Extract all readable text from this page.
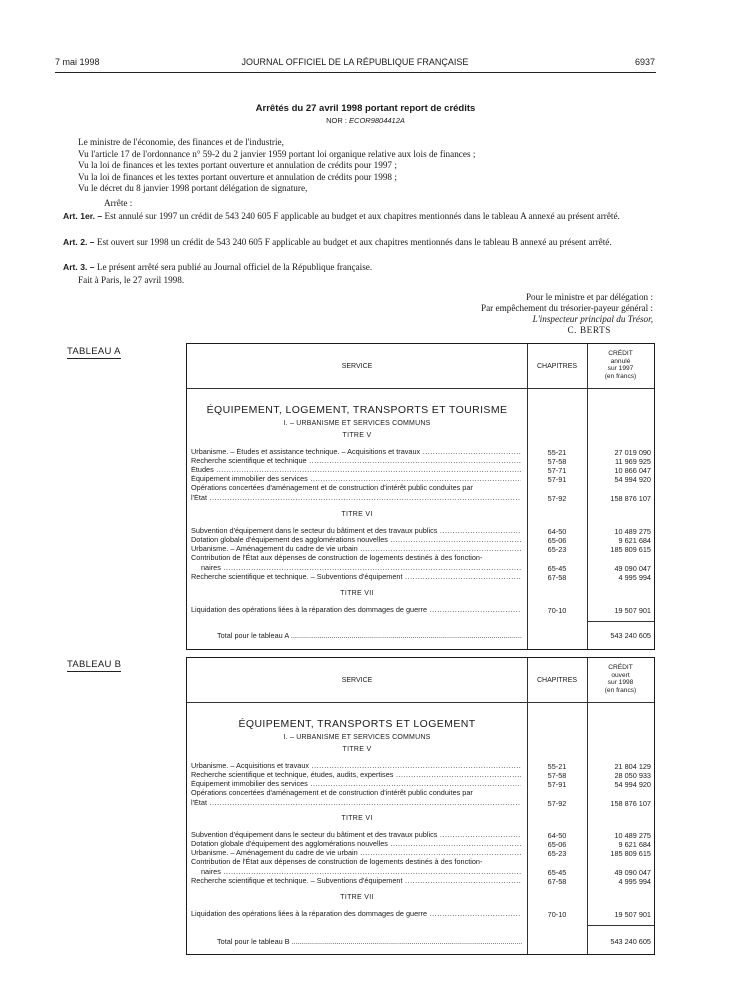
7 mai 1998	JOURNAL OFFICIEL DE LA RÉPUBLIQUE FRANÇAISE	6937
Arrêtés du 27 avril 1998 portant report de crédits
NOR : ECOR9804412A
Le ministre de l'économie, des finances et de l'industrie,
Vu l'article 17 de l'ordonnance n° 59-2 du 2 janvier 1959 portant loi organique relative aux lois de finances ;
Vu la loi de finances et les textes portant ouverture et annulation de crédits pour 1997 ;
Vu la loi de finances et les textes portant ouverture et annulation de crédits pour 1998 ;
Vu le décret du 8 janvier 1998 portant délégation de signature,
Arrête :
Art. 1er. – Est annulé sur 1997 un crédit de 543 240 605 F applicable au budget et aux chapitres mentionnés dans le tableau A annexé au présent arrêté.
Art. 2. – Est ouvert sur 1998 un crédit de 543 240 605 F applicable au budget et aux chapitres mentionnés dans le tableau B annexé au présent arrêté.
Art. 3. – Le présent arrêté sera publié au Journal officiel de la République française.
Fait à Paris, le 27 avril 1998.
Pour le ministre et par délégation :
Par empêchement du trésorier-payeur général :
L'inspecteur principal du Trésor,
C. BERTS
TABLEAU A
SERVICE	CHAPITRES
CRÉDIT
annulé
sur 1997
(en francs)
ÉQUIPEMENT, LOGEMENT, TRANSPORTS ET TOURISME
I. – URBANISME ET SERVICES COMMUNS
TITRE V
Urbanisme. – Études et assistance technique. – Acquisitions et travaux .....	55-21	27 019 090
Recherche scientifique et technique .....	57-58	11 969 925
Études .....	57-71	10 866 047
Équipement immobilier des services .....	57-91	54 994 920
Opérations concertées d'aménagement et de construction d'intérêt public conduites par
l'État .....	57-92	158 876 107
TITRE VI
Subvention d'équipement dans le secteur du bâtiment et des travaux publics .....	64-50	10 489 275
Dotation globale d'équipement des agglomérations nouvelles .....	65-06	9 621 684
Urbanisme. – Aménagement du cadre de vie urbain .....	65-23	185 809 615
Contribution de l'État aux dépenses de construction de logements destinés à des fonction-
naires .....	65-45	49 090 047
Recherche scientifique et technique. – Subventions d'équipement .....	67-58	4 995 994
TITRE VII
Liquidation des opérations liées à la réparation des dommages de guerre .....	70-10	19 507 901
Total pour le tableau A .....	543 240 605
TABLEAU B
SERVICE	CHAPITRES
CRÉDIT
ouvert
sur 1998
(en francs)
ÉQUIPEMENT, TRANSPORTS ET LOGEMENT
I. – URBANISME ET SERVICES COMMUNS
TITRE V
Urbanisme. – Acquisitions et travaux .....	55-21	21 804 129
Recherche scientifique et technique, études, audits, expertises .....	57-58	28 050 933
Équipement immobilier des services .....	57-91	54 994 920
Opérations concertées d'aménagement et de construction d'intérêt public conduites par
l'État .....	57-92	158 876 107
TITRE VI
Subvention d'équipement dans le secteur du bâtiment et des travaux publics .....	64-50	10 489 275
Dotation globale d'équipement des agglomérations nouvelles .....	65-06	9 621 684
Urbanisme. – Aménagement du cadre de vie urbain .....	65-23	185 809 615
Contribution de l'État aux dépenses de construction de logements destinés à des fonction-
naires .....	65-45	49 090 047
Recherche scientifique et technique. – Subventions d'équipement .....	67-58	4 995 994
TITRE VII
Liquidation des opérations liées à la réparation des dommages de guerre .....	70-10	19 507 901
Total pour le tableau B .....	543 240 605
